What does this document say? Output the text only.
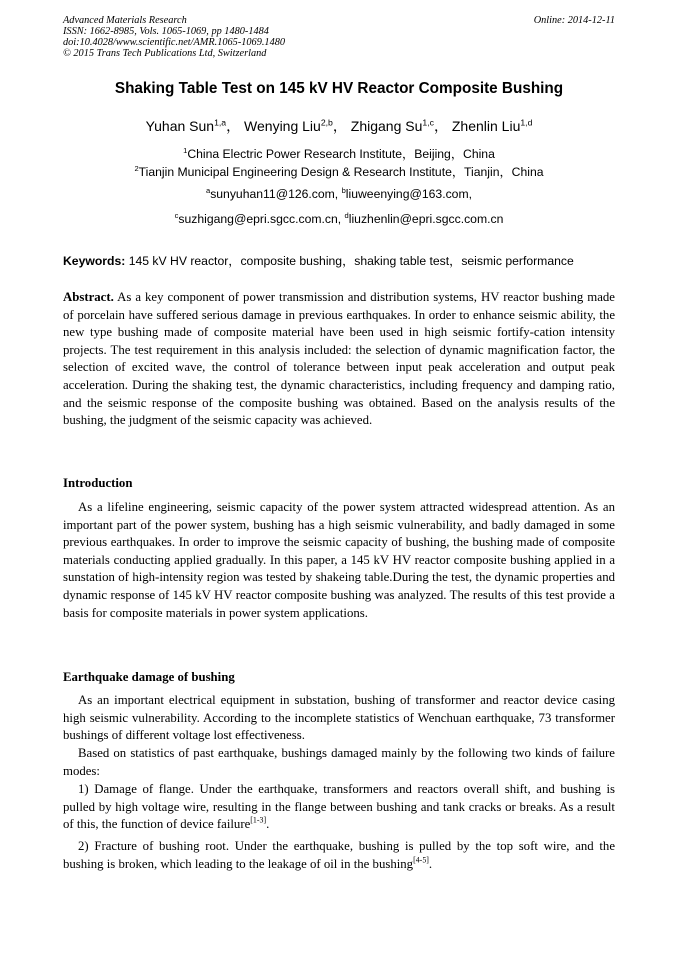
Advanced Materials Research
ISSN: 1662-8985, Vols. 1065-1069, pp 1480-1484
doi:10.4028/www.scientific.net/AMR.1065-1069.1480
© 2015 Trans Tech Publications Ltd, Switzerland
Online: 2014-12-11
Shaking Table Test on 145 kV HV Reactor Composite Bushing
Yuhan Sun$^{1,a}$， Wenying Liu$^{2,b}$， Zhigang Su$^{1,c}$， Zhenlin Liu$^{1,d}$
$^1$China Electric Power Research Institute，Beijing，China
$^2$Tianjin Municipal Engineering Design & Research Institute，Tianjin，China
$^a$sunyuhan11@126.com, $^b$liuweenying@163.com,
$^c$suzhigang@epri.sgcc.com.cn, $^d$liuzhenlin@epri.sgcc.com.cn
Keywords: 145 kV HV reactor，composite bushing，shaking table test，seismic performance
Abstract. As a key component of power transmission and distribution systems, HV reactor bushing made of porcelain have suffered serious damage in previous earthquakes. In order to enhance seismic ability, the new type bushing made of composite material have been used in high seismic fortify-cation intensity projects. The test requirement in this analysis included: the selection of dynamic magnification factor, the selection of excited wave, the control of tolerance between input peak acceleration and output peak acceleration. During the shaking test, the dynamic characteristics, including frequency and damping ratio, and the seismic response of the composite bushing was obtained. Based on the analysis results of the bushing, the judgment of the seismic capacity was achieved.
Introduction
As a lifeline engineering, seismic capacity of the power system attracted widespread attention. As an important part of the power system, bushing has a high seismic vulnerability, and badly damaged in some previous earthquakes. In order to improve the seismic capacity of bushing, the bushing made of composite materials conducting applied gradually. In this paper, a 145 kV HV reactor composite bushing applied in a sunstation of high-intensity region was tested by shakeing table.During the test, the dynamic properties and dynamic response of 145 kV HV reactor composite bushing was analyzed. The results of this test provide a basis for composite materials in power system applications.
Earthquake damage of bushing
As an important electrical equipment in substation, bushing of transformer and reactor device casing high seismic vulnerability. According to the incomplete statistics of Wenchuan earthquake, 73 transformer bushings of different voltage lost effectiveness.
Based on statistics of past earthquake, bushings damaged mainly by the following two kinds of failure modes:
1) Damage of flange. Under the earthquake, transformers and reactors overall shift, and bushing is pulled by high voltage wire, resulting in the flange between bushing and tank cracks or breaks. As a result of this, the function of device failure[1-3].
2) Fracture of bushing root. Under the earthquake, bushing is pulled by the top soft wire, and the bushing is broken, which leading to the leakage of oil in the bushing[4-5].
